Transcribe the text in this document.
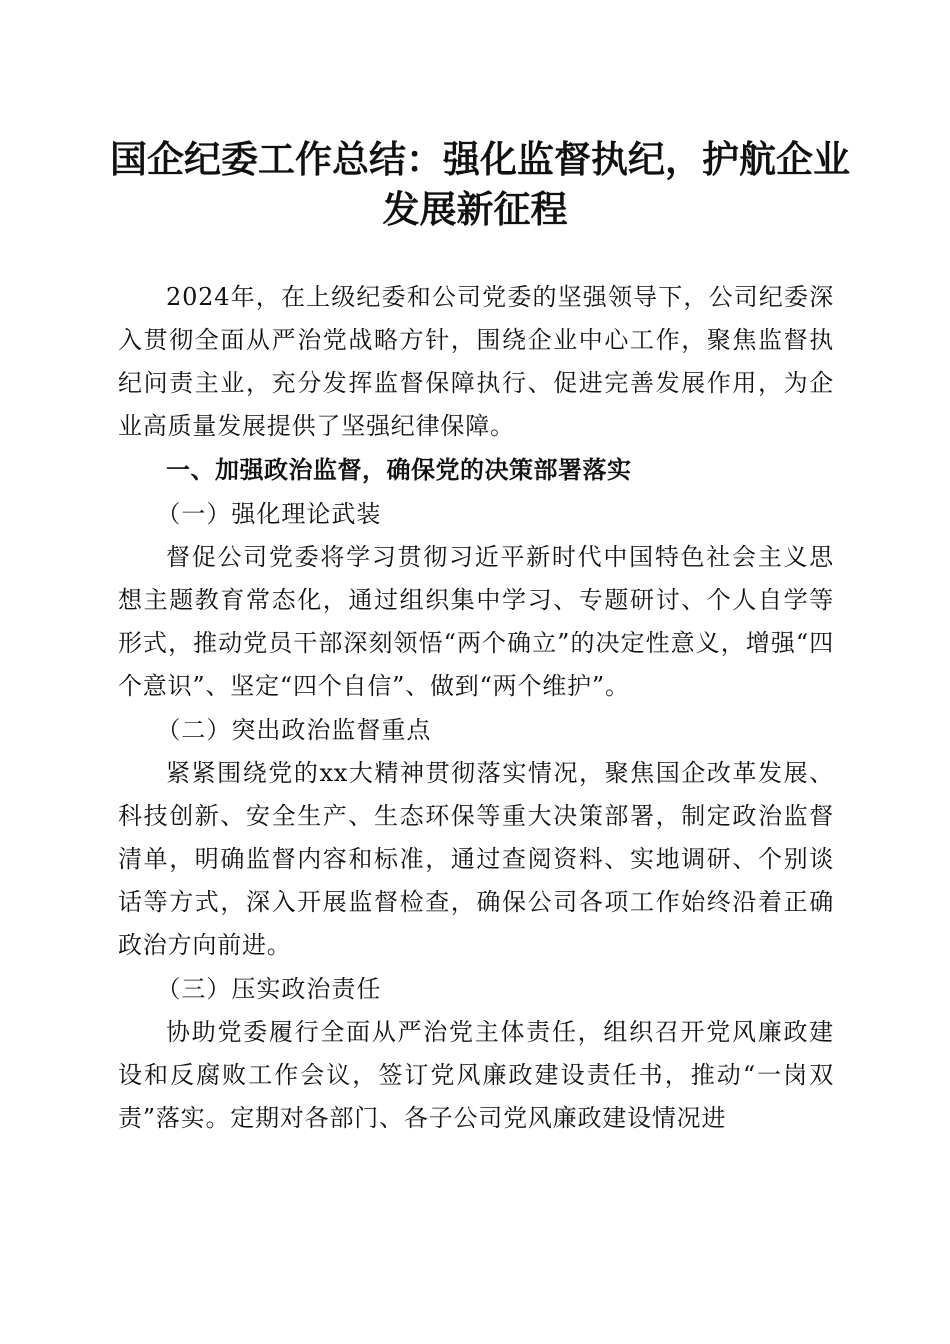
国企纪委工作总结：强化监督执纪，护航企业
发展新征程

2024年，在上级纪委和公司党委的坚强领导下，公司纪委深入贯彻全面从严治党战略方针，围绕企业中心工作，聚焦监督执纪问责主业，充分发挥监督保障执行、促进完善发展作用，为企业高质量发展提供了坚强纪律保障。

一、加强政治监督，确保党的决策部署落实

（一）强化理论武装

督促公司党委将学习贯彻习近平新时代中国特色社会主义思想主题教育常态化，通过组织集中学习、专题研讨、个人自学等形式，推动党员干部深刻领悟“两个确立”的决定性意义，增强“四个意识”、坚定“四个自信”、做到“两个维护”。

（二）突出政治监督重点

紧紧围绕党的xx大精神贯彻落实情况，聚焦国企改革发展、科技创新、安全生产、生态环保等重大决策部署，制定政治监督清单，明确监督内容和标准，通过查阅资料、实地调研、个别谈话等方式，深入开展监督检查，确保公司各项工作始终沿着正确政治方向前进。

（三）压实政治责任

协助党委履行全面从严治党主体责任，组织召开党风廉政建设和反腐败工作会议，签订党风廉政建设责任书，推动“一岗双责”落实。定期对各部门、各子公司党风廉政建设情况进
